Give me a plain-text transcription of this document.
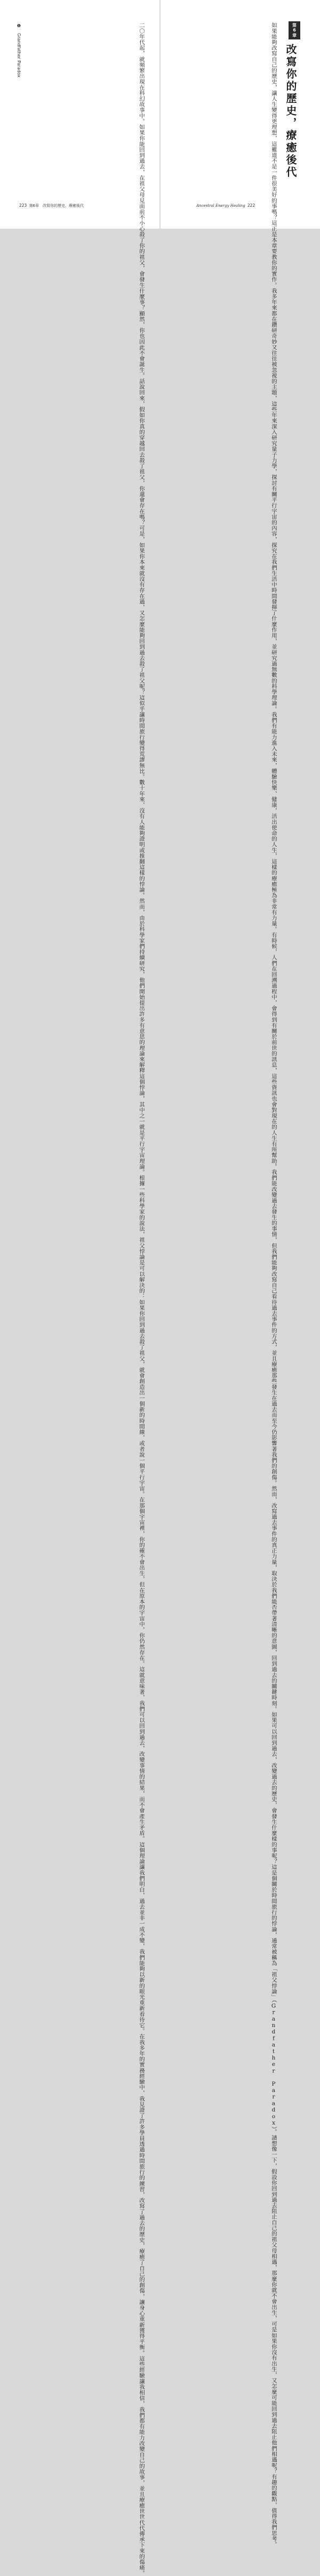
❶ Grandfather Paradox	二〇年代起，就頻繁出現在科幻故事中。如果你能回到過去，在祖父母見面前不小心殺了你的祖父，會發生什麼事？顯然，你也因此不會誕生。話說回來，假如你真的穿越回去殺了祖父，你還會存在嗎？可是，如果你本來就沒有存在過，又怎麼能夠回到過去殺了祖父呢？這似乎讓時間旅行變得荒謬無比。數十年來，沒有人能夠證明或推翻這樣的悖論。然而，由於科學家們持續研究，他們開始提出許多有意思的理論來解釋這個悖論，其中之一就是平行宇宙理論。根據一些科學家的說法，祖父悖論是可以解決的：如果你回到過去殺了祖父，就會創造出一個新的時間線，或者說一個平行宇宙。在那個宇宙裡，你的確不會出生，但在原本的宇宙中，你仍然存在。這就意味著，我們可以回到過去，改變事情的結果，而不會產生矛盾。這個理論讓我們明白，過去並非一成不變，我們能夠以新的眼光重新看待它。在我多年的實務經驗中，我見證了許多學員透過時間旅行的練習，改寫了過去的歷史，療癒了自己的創傷，讓身心重新獲得平衡。這些經驗讓我相信，我們都有能力改變自己的故事，並且療癒世世代代傳承下來的傷痛。
223 第6章　改寫你的歷史，療癒後代
第6章
改寫你的歷史，療癒後代
如果能夠改寫自己的歷史，讓人生變得更理想，這難道不是一件很美好的事嗎？這正是本章要教你的實作。我多年來都在鑽研奇妙又往往被忽視的主題，這些年來深入研究量子力學，探討有關平行宇宙的內容，探究在我們生活中時間發揮了什麼作用，並研究過無數的科學理論。我們有能力進入未來，體驗快樂、健康，活出使命的人生，這樣的療癒極為非常有力量。有時候，人們在回溯過程中，會得到有關於前世的訊息，這些資訊也會對現在的人生有所幫助。我們能改變過去發生的事情，但我們能夠改寫自己看待過去事件的方式，並且療癒那些發生在過去而至今仍影響著我們的創傷。然而，改寫過去事件的真正力量，取決於我們能否帶著清晰的意圖，回到過去的關鍵時刻。如果可以回到過去，改變過去的歷史，會發生什麼樣的事呢？這是個關於時間旅行的悖論，通常被稱為「祖父悖論」（Grandfather Paradox）。請想像一下，假設你回到過去阻止自己的祖父母相遇，那麼你就不會出生，可是如果你沒有出生，又怎麼可能回到過去阻止他們相遇呢？有趣的觀點，值得我們思考。
Ancestral Energy Healing 222
